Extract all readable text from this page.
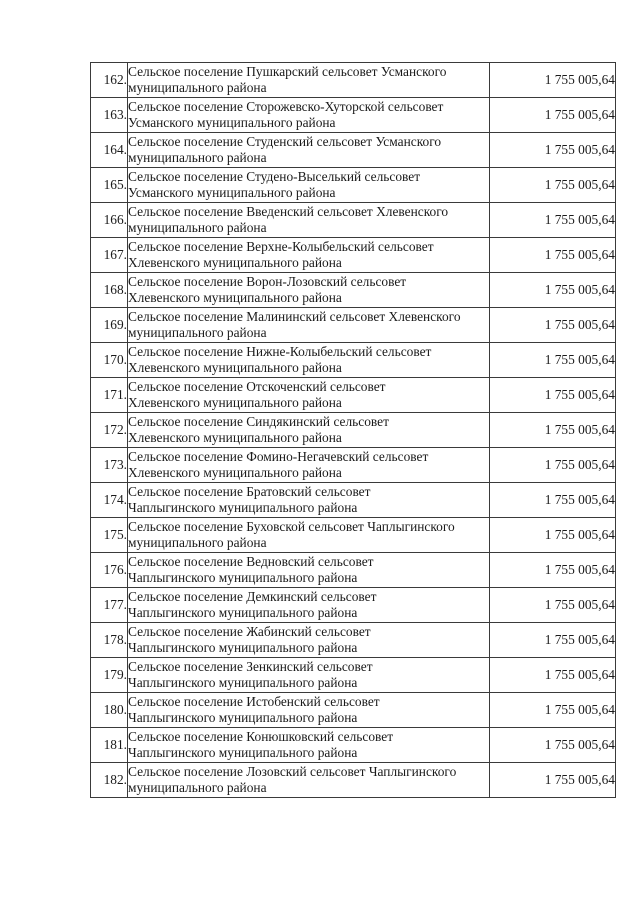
162.	Сельское поселение Пушкарский сельсовет Усманского
муниципального района	1 755 005,64
163.	Сельское поселение Сторожевско-Хуторской сельсовет
Усманского муниципального района	1 755 005,64
164.	Сельское поселение Студенский сельсовет Усманского
муниципального района	1 755 005,64
165.	Сельское поселение Студено-Выселький сельсовет
Усманского муниципального района	1 755 005,64
166.	Сельское поселение Введенский сельсовет Хлевенского
муниципального района	1 755 005,64
167.	Сельское поселение Верхне-Колыбельский сельсовет
Хлевенского муниципального района	1 755 005,64
168.	Сельское поселение Ворон-Лозовский сельсовет
Хлевенского муниципального района	1 755 005,64
169.	Сельское поселение Малининский сельсовет Хлевенского
муниципального района	1 755 005,64
170.	Сельское поселение Нижне-Колыбельский сельсовет
Хлевенского муниципального района	1 755 005,64
171.	Сельское поселение Отскоченский сельсовет
Хлевенского муниципального района	1 755 005,64
172.	Сельское поселение Синдякинский сельсовет
Хлевенского муниципального района	1 755 005,64
173.	Сельское поселение Фомино-Негачевский сельсовет
Хлевенского муниципального района	1 755 005,64
174.	Сельское поселение Братовский сельсовет
Чаплыгинского муниципального района	1 755 005,64
175.	Сельское поселение Буховской сельсовет Чаплыгинского
муниципального района	1 755 005,64
176.	Сельское поселение Ведновский сельсовет
Чаплыгинского муниципального района	1 755 005,64
177.	Сельское поселение Демкинский сельсовет
Чаплыгинского муниципального района	1 755 005,64
178.	Сельское поселение Жабинский сельсовет
Чаплыгинского муниципального района	1 755 005,64
179.	Сельское поселение Зенкинский сельсовет
Чаплыгинского муниципального района	1 755 005,64
180.	Сельское поселение Истобенский сельсовет
Чаплыгинского муниципального района	1 755 005,64
181.	Сельское поселение Конюшковский сельсовет
Чаплыгинского муниципального района	1 755 005,64
182.	Сельское поселение Лозовский сельсовет Чаплыгинского
муниципального района	1 755 005,64
